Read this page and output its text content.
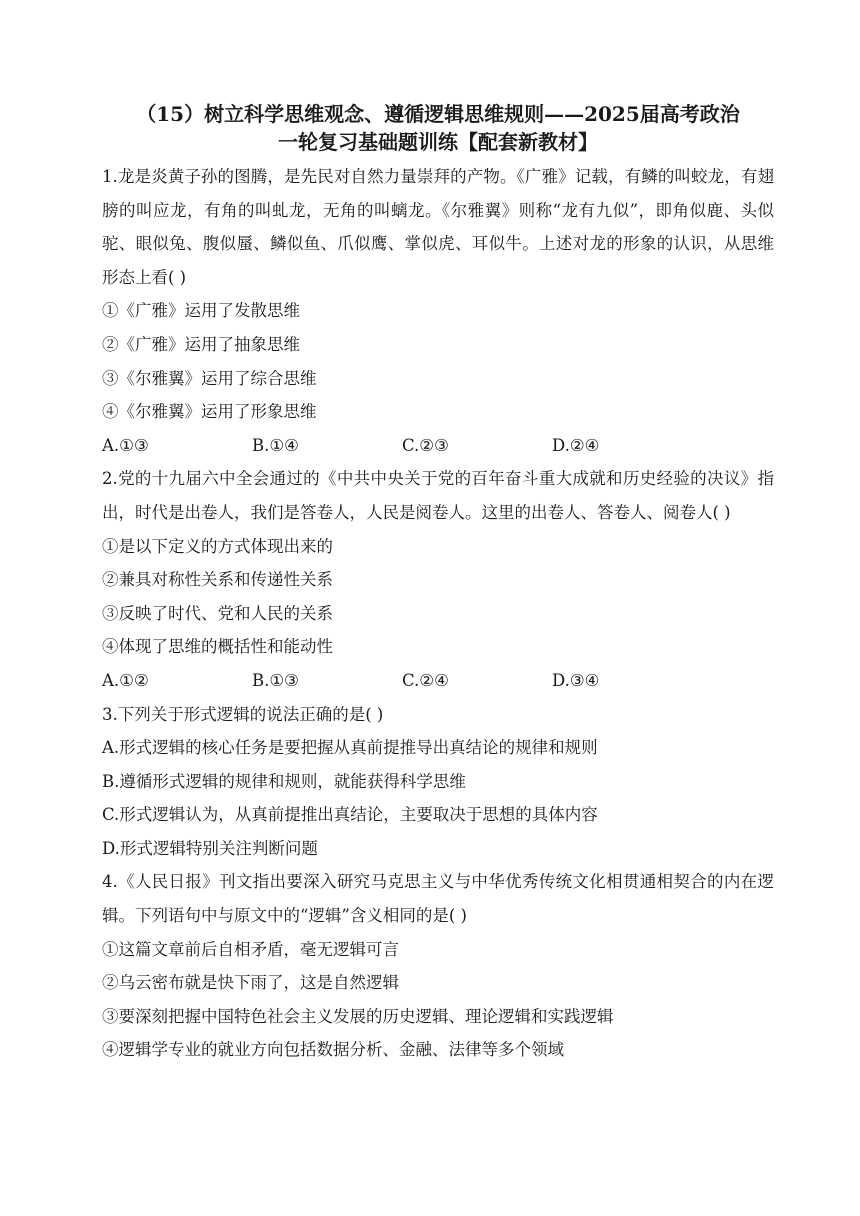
（15）树立科学思维观念、遵循逻辑思维规则——2025届高考政治
一轮复习基础题训练【配套新教材】
1.龙是炎黄子孙的图腾，是先民对自然力量崇拜的产物。《广雅》记载，有鳞的叫蛟龙，有翅膀的叫应龙，有角的叫虬龙，无角的叫螭龙。《尔雅翼》则称“龙有九似”，即角似鹿、头似驼、眼似兔、腹似蜃、鳞似鱼、爪似鹰、掌似虎、耳似牛。上述对龙的形象的认识，从思维形态上看( )
①《广雅》运用了发散思维
②《广雅》运用了抽象思维
③《尔雅翼》运用了综合思维
④《尔雅翼》运用了形象思维
A.①③	B.①④	C.②③	D.②④
2.党的十九届六中全会通过的《中共中央关于党的百年奋斗重大成就和历史经验的决议》指出，时代是出卷人，我们是答卷人，人民是阅卷人。这里的出卷人、答卷人、阅卷人( )
①是以下定义的方式体现出来的
②兼具对称性关系和传递性关系
③反映了时代、党和人民的关系
④体现了思维的概括性和能动性
A.①②	B.①③	C.②④	D.③④
3.下列关于形式逻辑的说法正确的是( )
A.形式逻辑的核心任务是要把握从真前提推导出真结论的规律和规则
B.遵循形式逻辑的规律和规则，就能获得科学思维
C.形式逻辑认为，从真前提推出真结论，主要取决于思想的具体内容
D.形式逻辑特别关注判断问题
4.《人民日报》刊文指出要深入研究马克思主义与中华优秀传统文化相贯通相契合的内在逻辑。下列语句中与原文中的“逻辑”含义相同的是( )
①这篇文章前后自相矛盾，毫无逻辑可言
②乌云密布就是快下雨了，这是自然逻辑
③要深刻把握中国特色社会主义发展的历史逻辑、理论逻辑和实践逻辑
④逻辑学专业的就业方向包括数据分析、金融、法律等多个领域
